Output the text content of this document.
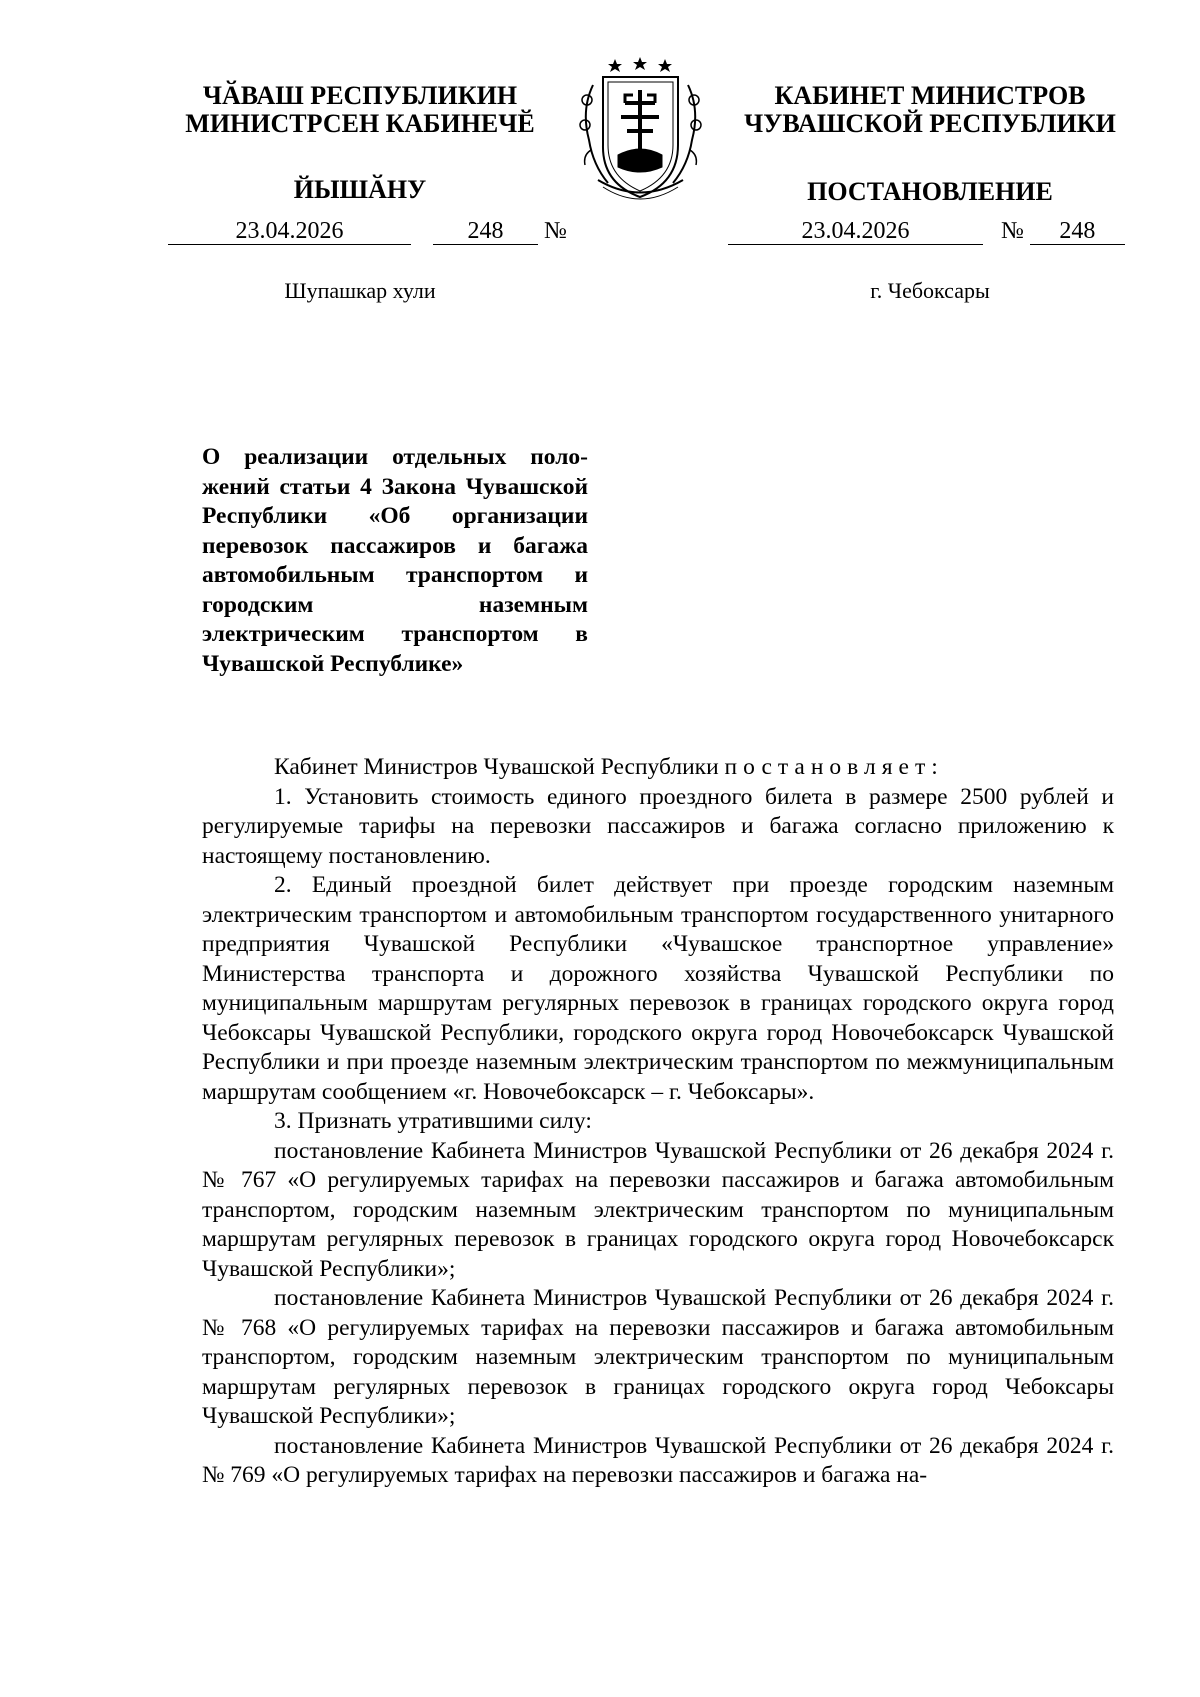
ЧӐВАШ РЕСПУБЛИКИН
МИНИСТРСЕН КАБИНЕЧӖ
ЙЫШӐНУ
КАБИНЕТ МИНИСТРОВ
ЧУВАШСКОЙ РЕСПУБЛИКИ
ПОСТАНОВЛЕНИЕ
23.04.2026	248 №	23.04.2026	№ 248
Шупашкар хули	г. Чебоксары
О реализации отдельных положений статьи 4 Закона Чувашской Республики «Об организации перевозок пассажиров и багажа автомобильным транспортом и городским наземным электрическим транспортом в Чувашской Республике»

Кабинет Министров Чувашской Республики постановляет:

1. Установить стоимость единого проездного билета в размере 2500 рублей и регулируемые тарифы на перевозки пассажиров и багажа согласно приложению к настоящему постановлению.

2. Единый проездной билет действует при проезде городским наземным электрическим транспортом и автомобильным транспортом государственного унитарного предприятия Чувашской Республики «Чувашское транспортное управление» Министерства транспорта и дорожного хозяйства Чувашской Республики по муниципальным маршрутам регулярных перевозок в границах городского округа город Чебоксары Чувашской Республики, городского округа город Новочебоксарск Чувашской Республики и при проезде наземным электрическим транспортом по межмуниципальным маршрутам сообщением «г. Новочебоксарск – г. Чебоксары».

3. Признать утратившими силу:

постановление Кабинета Министров Чувашской Республики от 26 декабря 2024 г. № 767 «О регулируемых тарифах на перевозки пассажиров и багажа автомобильным транспортом, городским наземным электрическим транспортом по муниципальным маршрутам регулярных перевозок в границах городского округа город Новочебоксарск Чувашской Республики»;

постановление Кабинета Министров Чувашской Республики от 26 декабря 2024 г. № 768 «О регулируемых тарифах на перевозки пассажиров и багажа автомобильным транспортом, городским наземным электрическим транспортом по муниципальным маршрутам регулярных перевозок в границах городского округа город Чебоксары Чувашской Республики»;

постановление Кабинета Министров Чувашской Республики от 26 декабря 2024 г. № 769 «О регулируемых тарифах на перевозки пассажиров и багажа на-
